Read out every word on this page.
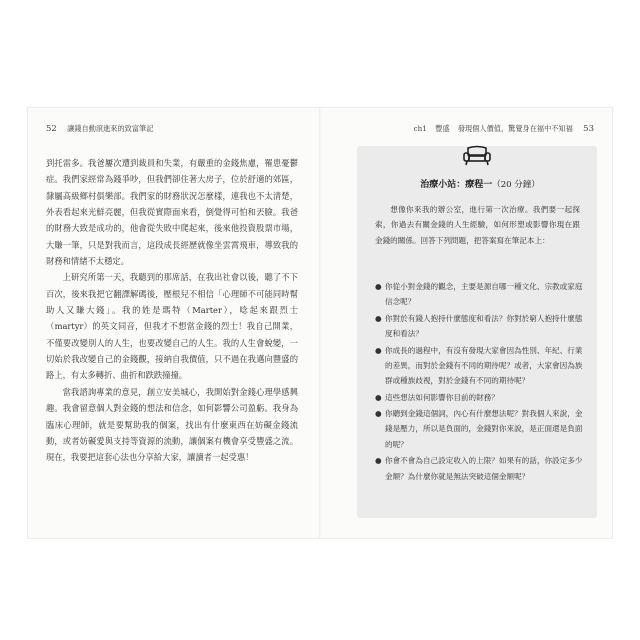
52 讓錢自動滾進來的致富筆記	ch1 豐盛 發現個人價值，驚覺身在福中不知福 53

到托雷多。我爸屢次遭到裁員和失業，有嚴重的金錢焦慮，罹患憂鬱症。我們家經常為錢爭吵，但我們卻住著大房子，位於舒適的郊區，隸屬高級鄉村俱樂部。我們家的財務狀況怎麼樣，連我也不太清楚，外表看起來光鮮亮麗，但我從實際面來看，倒覺得可怕和丟臉。我爸的財務大致是成功的，他會從失敗中爬起來，後來他投資股票市場，大賺一筆，只是對我而言，這段成長經歷就像坐雲霄飛車，導致我的財務和情緒不太穩定。

上研究所第一天，我聽到的那席話，在我出社會以後，聽了不下百次，後來我把它翻譯解碼後，壓根兒不相信「心理師不可能同時幫助人又賺大錢」。我的姓是瑪特（Marter），唸起來跟烈士（martyr）的英文同音，但我才不想當金錢的烈士！我自己開業，不僅要改變別人的人生，也要改變自己的人生。我的人生會蛻變，一切始於我改變自己的金錢觀，接納自我價值，只不過在我邁向豐盛的路上，有太多轉折、曲折和跌跌撞撞。

當我諮詢專業的意見，創立安美城心，我開始對金錢心理學感興趣。我會留意個人對金錢的想法和信念，如何影響公司盈虧。我身為臨床心理師，就是要幫助我的個案，找出有什麼東西在妨礙金錢流動，或者妨礙愛與支持等資源的流動，讓個案有機會享受豐盛之流。現在，我要把這套心法也分享給大家，讓讀者一起受惠！

治療小站：療程一（20 分鐘）
想像你來我的辦公室，進行第一次治療。我們要一起探索，你過去有關金錢的人生經驗，如何形塑或影響你現在跟金錢的關係。回答下列問題，把答案寫在筆記本上：
● 你從小對金錢的觀念，主要是源自哪一種文化、宗教或家庭信念呢？
● 你對於有錢人抱持什麼態度和看法？你對於窮人抱持什麼態度和看法？
● 你成長的過程中，有沒有發現大家會因為性別、年紀、行業的差異，而對於金錢有不同的期待呢？或者，大家會因為族群或種族歧視，對於金錢有不同的期待呢？
● 這些想法如何影響你目前的財務？
● 你聽到金錢這個詞，內心有什麼想法呢？對我個人來說，金錢是壓力，所以是負面的，金錢對你來說，是正面還是負面的呢？
● 你會不會為自己設定收入的上限？如果有的話，你設定多少金額？為什麼你就是無法突破這個金額呢？
